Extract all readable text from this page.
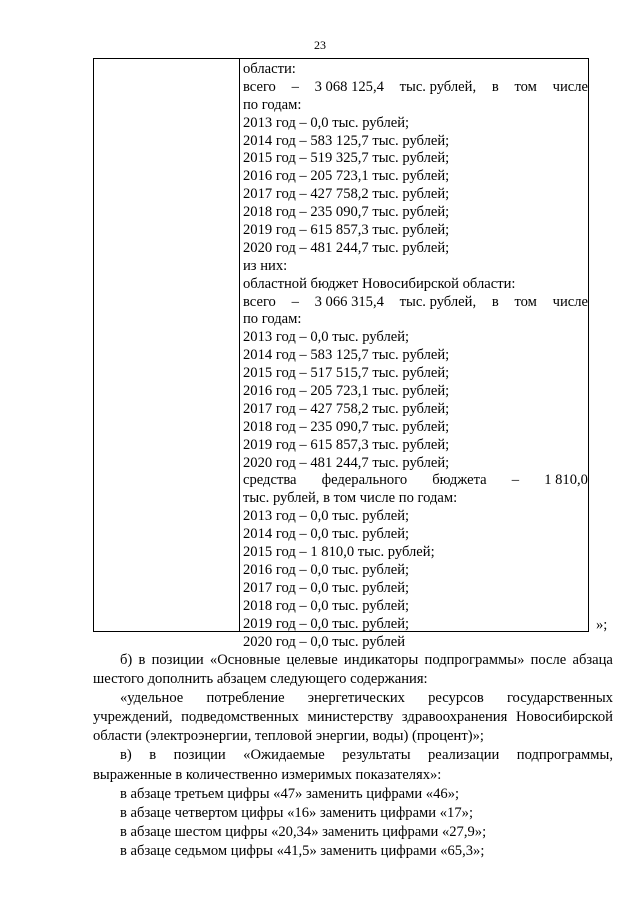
23
области:
всего – 3 068 125,4 тыс. рублей, в том числе
по годам:
2013 год – 0,0 тыс. рублей;
2014 год – 583 125,7 тыс. рублей;
2015 год – 519 325,7 тыс. рублей;
2016 год – 205 723,1 тыс. рублей;
2017 год – 427 758,2 тыс. рублей;
2018 год – 235 090,7 тыс. рублей;
2019 год – 615 857,3 тыс. рублей;
2020 год – 481 244,7 тыс. рублей;
из них:
областной бюджет Новосибирской области:
всего – 3 066 315,4 тыс. рублей, в том числе
по годам:
2013 год – 0,0 тыс. рублей;
2014 год – 583 125,7 тыс. рублей;
2015 год – 517 515,7 тыс. рублей;
2016 год – 205 723,1 тыс. рублей;
2017 год – 427 758,2 тыс. рублей;
2018 год – 235 090,7 тыс. рублей;
2019 год – 615 857,3 тыс. рублей;
2020 год – 481 244,7 тыс. рублей;
средства федерального бюджета – 1 810,0
тыс. рублей, в том числе по годам:
2013 год – 0,0 тыс. рублей;
2014 год – 0,0 тыс. рублей;
2015 год – 1 810,0 тыс. рублей;
2016 год – 0,0 тыс. рублей;
2017 год – 0,0 тыс. рублей;
2018 год – 0,0 тыс. рублей;
2019 год – 0,0 тыс. рублей;
2020 год – 0,0 тыс. рублей
»;
б) в позиции «Основные целевые индикаторы подпрограммы» после абзаца
шестого дополнить абзацем следующего содержания:
«удельное потребление энергетических ресурсов государственных
учреждений, подведомственных министерству здравоохранения Новосибирской
области (электроэнергии, тепловой энергии, воды) (процент)»;
в) в позиции «Ожидаемые результаты реализации подпрограммы,
выраженные в количественно измеримых показателях»:
в абзаце третьем цифры «47» заменить цифрами «46»;
в абзаце четвертом цифры «16» заменить цифрами «17»;
в абзаце шестом цифры «20,34» заменить цифрами «27,9»;
в абзаце седьмом цифры «41,5» заменить цифрами «65,3»;
